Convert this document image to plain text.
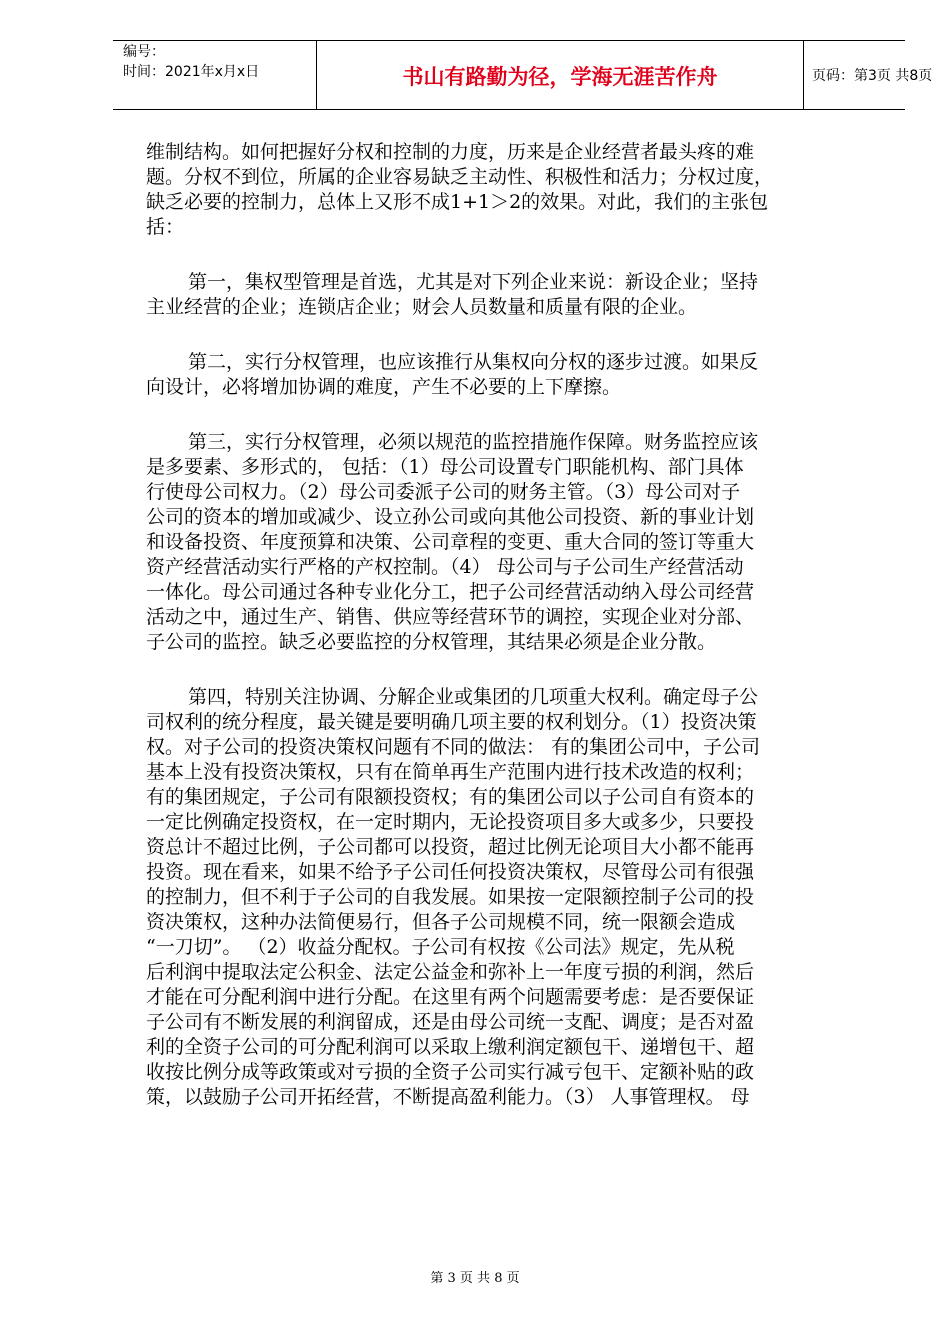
编号：
时间：2021年x月x日	书山有路勤为径，学海无涯苦作舟	页码：第3页 共8页
维制结构。如何把握好分权和控制的力度，历来是企业经营者最头疼的难
题。分权不到位，所属的企业容易缺乏主动性、积极性和活力；分权过度，
缺乏必要的控制力，总体上又形不成1+1＞2的效果。对此，我们的主张包
括：
第一，集权型管理是首选，尤其是对下列企业来说：新设企业；坚持
主业经营的企业；连锁店企业；财会人员数量和质量有限的企业。
第二，实行分权管理，也应该推行从集权向分权的逐步过渡。如果反
向设计，必将增加协调的难度，产生不必要的上下摩擦。
第三，实行分权管理，必须以规范的监控措施作保障。财务监控应该
是多要素、多形式的， 包括：（1）母公司设置专门职能机构、部门具体
行使母公司权力。（2）母公司委派子公司的财务主管。（3）母公司对子
公司的资本的增加或减少、设立孙公司或向其他公司投资、新的事业计划
和设备投资、年度预算和决策、公司章程的变更、重大合同的签订等重大
资产经营活动实行严格的产权控制。（4） 母公司与子公司生产经营活动
一体化。母公司通过各种专业化分工，把子公司经营活动纳入母公司经营
活动之中，通过生产、销售、供应等经营环节的调控，实现企业对分部、
子公司的监控。缺乏必要监控的分权管理，其结果必须是企业分散。
第四，特别关注协调、分解企业或集团的几项重大权利。确定母子公
司权利的统分程度，最关键是要明确几项主要的权利划分。（1）投资决策
权。对子公司的投资决策权问题有不同的做法： 有的集团公司中，子公司
基本上没有投资决策权，只有在简单再生产范围内进行技术改造的权利；
有的集团规定，子公司有限额投资权；有的集团公司以子公司自有资本的
一定比例确定投资权，在一定时期内，无论投资项目多大或多少，只要投
资总计不超过比例，子公司都可以投资，超过比例无论项目大小都不能再
投资。现在看来，如果不给予子公司任何投资决策权，尽管母公司有很强
的控制力，但不利于子公司的自我发展。如果按一定限额控制子公司的投
资决策权，这种办法简便易行，但各子公司规模不同，统一限额会造成
“一刀切”。 （2）收益分配权。子公司有权按《公司法》规定，先从税
后利润中提取法定公积金、法定公益金和弥补上一年度亏损的利润，然后
才能在可分配利润中进行分配。在这里有两个问题需要考虑：是否要保证
子公司有不断发展的利润留成，还是由母公司统一支配、调度；是否对盈
利的全资子公司的可分配利润可以采取上缴利润定额包干、递增包干、超
收按比例分成等政策或对亏损的全资子公司实行减亏包干、定额补贴的政
策，以鼓励子公司开拓经营，不断提高盈利能力。（3） 人事管理权。 母
第 3 页 共 8 页
